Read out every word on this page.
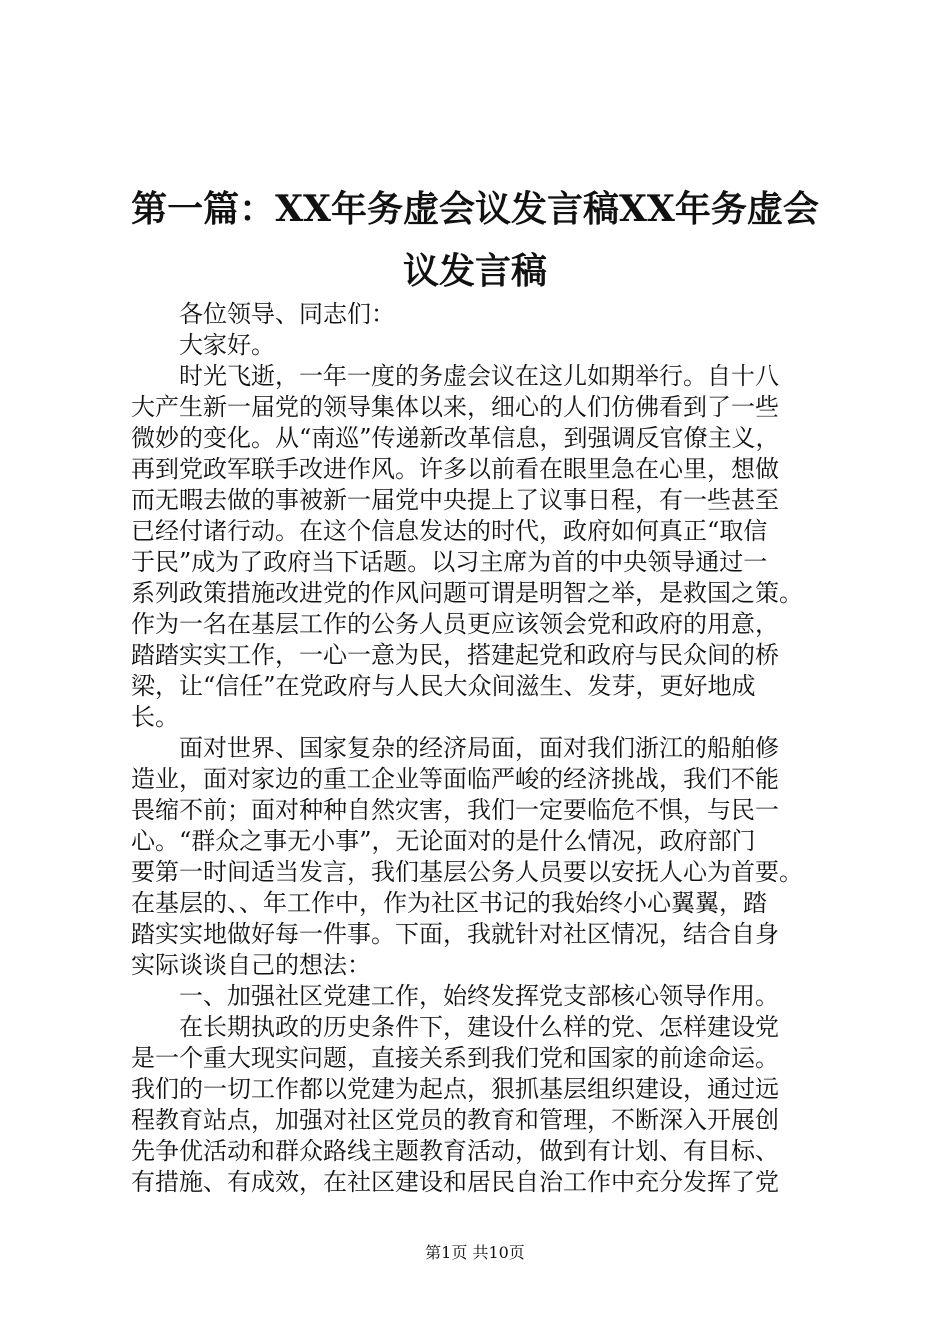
第一篇：XX年务虚会议发言稿XX年务虚会议发言稿
　　各位领导、同志们：
　　大家好。
　　时光飞逝，一年一度的务虚会议在这儿如期举行。自十八
大产生新一届党的领导集体以来，细心的人们仿佛看到了一些
微妙的变化。从“南巡”传递新改革信息，到强调反官僚主义，
再到党政军联手改进作风。许多以前看在眼里急在心里，想做
而无暇去做的事被新一届党中央提上了议事日程，有一些甚至
已经付诸行动。在这个信息发达的时代，政府如何真正“取信
于民”成为了政府当下话题。以习主席为首的中央领导通过一
系列政策措施改进党的作风问题可谓是明智之举，是救国之策。
作为一名在基层工作的公务人员更应该领会党和政府的用意，
踏踏实实工作，一心一意为民，搭建起党和政府与民众间的桥
梁，让“信任”在党政府与人民大众间滋生、发芽，更好地成
长。
　　面对世界、国家复杂的经济局面，面对我们浙江的船舶修
造业，面对家边的重工企业等面临严峻的经济挑战，我们不能
畏缩不前；面对种种自然灾害，我们一定要临危不惧，与民一
心。“群众之事无小事”，无论面对的是什么情况，政府部门
要第一时间适当发言，我们基层公务人员要以安抚人心为首要。
在基层的、、年工作中，作为社区书记的我始终小心翼翼，踏
踏实实地做好每一件事。下面，我就针对社区情况，结合自身
实际谈谈自己的想法：
　　一、加强社区党建工作，始终发挥党支部核心领导作用。
　　在长期执政的历史条件下，建设什么样的党、怎样建设党
是一个重大现实问题，直接关系到我们党和国家的前途命运。
我们的一切工作都以党建为起点，狠抓基层组织建设，通过远
程教育站点，加强对社区党员的教育和管理，不断深入开展创
先争优活动和群众路线主题教育活动，做到有计划、有目标、
有措施、有成效，在社区建设和居民自治工作中充分发挥了党
第1页 共10页
